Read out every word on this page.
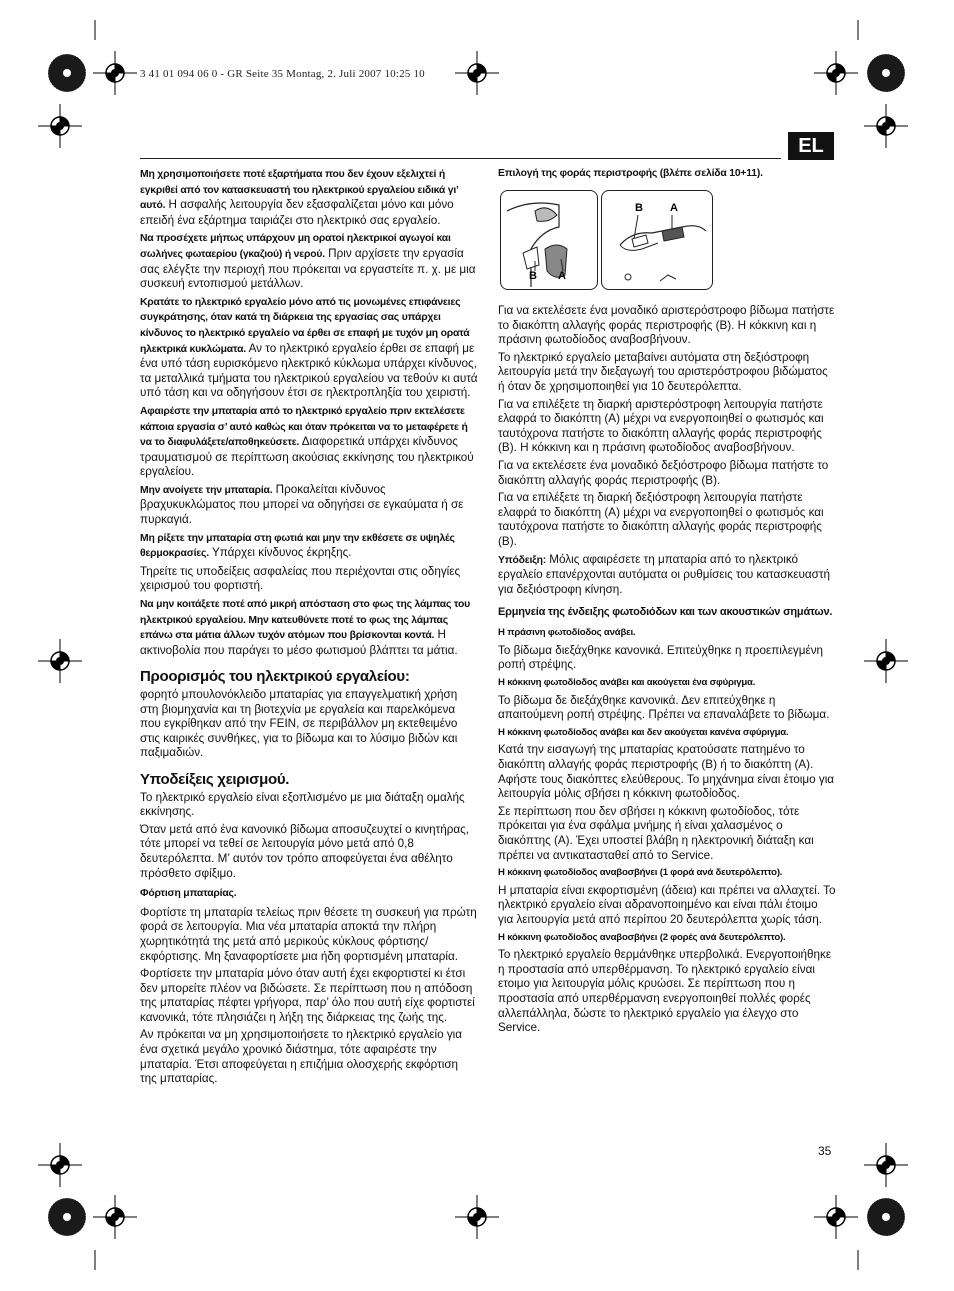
3 41 01 094 06 0 - GR Seite 35 Montag, 2. Juli 2007 10:25 10
EL

Μη χρησιμοποιήσετε ποτέ εξαρτήματα που δεν έχουν εξελιχτεί ή εγκριθεί από τον κατασκευαστή του ηλεκτρικού εργαλείου ειδικά γι’ αυτό. Η ασφαλής λειτουργία δεν εξασφαλίζεται μόνο και μόνο επειδή ένα εξάρτημα ταιριάζει στο ηλεκτρικό σας εργαλείο.

Να προσέχετε μήπως υπάρχουν μη ορατοί ηλεκτρικοί αγωγοί και σωλήνες φωταερίου (γκαζιού) ή νερού. Πριν αρχίσετε την εργασία σας ελέγξτε την περιοχή που πρόκειται να εργαστείτε π. χ. με μια συσκευή εντοπισμού μετάλλων.

Κρατάτε το ηλεκτρικό εργαλείο μόνο από τις μονωμένες επιφάνειες συγκράτησης, όταν κατά τη διάρκεια της εργασίας σας υπάρχει κίνδυνος το ηλεκτρικό εργαλείο να έρθει σε επαφή με τυχόν μη ορατά ηλεκτρικά κυκλώματα. Αν το ηλεκτρικό εργαλείο έρθει σε επαφή με ένα υπό τάση ευρισκόμενο ηλεκτρικό κύκλωμα υπάρχει κίνδυνος, τα μεταλλικά τμήματα του ηλεκτρικού εργαλείου να τεθούν κι αυτά υπό τάση και να οδηγήσουν έτσι σε ηλεκτροπληξία του χειριστή.

Αφαιρέστε την μπαταρία από το ηλεκτρικό εργαλείο πριν εκτελέσετε κάποια εργασία σ’ αυτό καθώς και όταν πρόκειται να το μεταφέρετε ή να το διαφυλάξετε/αποθηκεύσετε. Διαφορετικά υπάρχει κίνδυνος τραυματισμού σε περίπτωση ακούσιας εκκίνησης του ηλεκτρικού εργαλείου.

Μην ανοίγετε την μπαταρία. Προκαλείται κίνδυνος βραχυκυκλώματος που μπορεί να οδηγήσει σε εγκαύματα ή σε πυρκαγιά.

Μη ρίξετε την μπαταρία στη φωτιά και μην την εκθέσετε σε υψηλές θερμοκρασίες. Υπάρχει κίνδυνος έκρηξης.

Τηρείτε τις υποδείξεις ασφαλείας που περιέχονται στις οδηγίες χειρισμού του φορτιστή.

Να μην κοιτάξετε ποτέ από μικρή απόσταση στο φως της λάμπας του ηλεκτρικού εργαλείου. Μην κατευθύνετε ποτέ το φως της λάμπας επάνω στα μάτια άλλων τυχόν ατόμων που βρίσκονται κοντά. Η ακτινοβολία που παράγει το μέσο φωτισμού βλάπτει τα μάτια.

Προορισμός του ηλεκτρικού εργαλείου:

φορητό μπουλονόκλειδο μπαταρίας για επαγγελματική χρήση στη βιομηχανία και τη βιοτεχνία με εργαλεία και παρελκόμενα που εγκρίθηκαν από την FEIN, σε περιβάλλον μη εκτεθειμένο στις καιρικές συνθήκες, για το βίδωμα και το λύσιμο βιδών και παξιμαδιών.

Υποδείξεις χειρισμού.

Το ηλεκτρικό εργαλείο είναι εξοπλισμένο με μια διάταξη ομαλής εκκίνησης.

Όταν μετά από ένα κανονικό βίδωμα αποσυζευχτεί ο κινητήρας, τότε μπορεί να τεθεί σε λειτουργία μόνο μετά από 0,8 δευτερόλεπτα. Μ’ αυτόν τον τρόπο αποφεύγεται ένα αθέλητο πρόσθετο σφίξιμο.

Φόρτιση μπαταρίας.

Φορτίστε τη μπαταρία τελείως πριν θέσετε τη συσκευή για πρώτη φορά σε λειτουργία. Μια νέα μπαταρία αποκτά την πλήρη χωρητικότητά της μετά από μερικούς κύκλους φόρτισης/εκφόρτισης. Μη ξαναφορτίσετε μια ήδη φορτισμένη μπαταρία.

Φορτίσετε την μπαταρία μόνο όταν αυτή έχει εκφορτιστεί κι έτσι δεν μπορείτε πλέον να βιδώσετε. Σε περίπτωση που η απόδοση της μπαταρίας πέφτει γρήγορα, παρ’ όλο που αυτή είχε φορτιστεί κανονικά, τότε πλησιάζει η λήξη της διάρκειας της ζωής της.

Αν πρόκειται να μη χρησιμοποιήσετε το ηλεκτρικό εργαλείο για ένα σχετικά μεγάλο χρονικό διάστημα, τότε αφαιρέστε την μπαταρία. Έτσι αποφεύγεται η επιζήμια ολοσχερής εκφόρτιση της μπαταρίας.

Επιλογή της φοράς περιστροφής (βλέπε σελίδα 10+11).

B A
B A

Για να εκτελέσετε ένα μοναδικό αριστερόστροφο βίδωμα πατήστε το διακόπτη αλλαγής φοράς περιστροφής (B). Η κόκκινη και η πράσινη φωτοδίοδος αναβοσβήνουν.

Το ηλεκτρικό εργαλείο μεταβαίνει αυτόματα στη δεξιόστροφη λειτουργία μετά την διεξαγωγή του αριστερόστροφου βιδώματος ή όταν δε χρησιμοποιηθεί για 10 δευτερόλεπτα.

Για να επιλέξετε τη διαρκή αριστερόστροφη λειτουργία πατήστε ελαφρά το διακόπτη (A) μέχρι να ενεργοποιηθεί ο φωτισμός και ταυτόχρονα πατήστε το διακόπτη αλλαγής φοράς περιστροφής (B). Η κόκκινη και η πράσινη φωτοδίοδος αναβοσβήνουν.

Για να εκτελέσετε ένα μοναδικό δεξιόστροφο βίδωμα πατήστε το διακόπτη αλλαγής φοράς περιστροφής (B).

Για να επιλέξετε τη διαρκή δεξιόστροφη λειτουργία πατήστε ελαφρά το διακόπτη (A) μέχρι να ενεργοποιηθεί ο φωτισμός και ταυτόχρονα πατήστε το διακόπτη αλλαγής φοράς περιστροφής (B).

Υπόδειξη: Μόλις αφαιρέσετε τη μπαταρία από το ηλεκτρικό εργαλείο επανέρχονται αυτόματα οι ρυθμίσεις του κατασκευαστή για δεξιόστροφη κίνηση.

Ερμηνεία της ένδειξης φωτοδιόδων και των ακουστικών σημάτων.

Η πράσινη φωτοδίοδος ανάβει.

Το βίδωμα διεξάχθηκε κανονικά. Επιτεύχθηκε η προεπιλεγμένη ροπή στρέψης.

Η κόκκινη φωτοδίοδος ανάβει και ακούγεται ένα σφύριγμα.

Το βίδωμα δε διεξάχθηκε κανονικά. Δεν επιτεύχθηκε η απαιτούμενη ροπή στρέψης. Πρέπει να επαναλάβετε το βίδωμα.

Η κόκκινη φωτοδίοδος ανάβει και δεν ακούγεται κανένα σφύριγμα.

Κατά την εισαγωγή της μπαταρίας κρατούσατε πατημένο το διακόπτη αλλαγής φοράς περιστροφής (B) ή το διακόπτη (A). Αφήστε τους διακόπτες ελεύθερους. Το μηχάνημα είναι έτοιμο για λειτουργία μόλις σβήσει η κόκκινη φωτοδίοδος.

Σε περίπτωση που δεν σβήσει η κόκκινη φωτοδίοδος, τότε πρόκειται για ένα σφάλμα μνήμης ή είναι χαλασμένος ο διακόπτης (A). Έχει υποστεί βλάβη η ηλεκτρονική διάταξη και πρέπει να αντικατασταθεί από το Service.

Η κόκκινη φωτοδίοδος αναβοσβήνει (1 φορά ανά δευτερόλεπτο).

Η μπαταρία είναι εκφορτισμένη (άδεια) και πρέπει να αλλαχτεί. Το ηλεκτρικό εργαλείο είναι αδρανοποιημένο και είναι πάλι έτοιμο για λειτουργία μετά από περίπου 20 δευτερόλεπτα χωρίς τάση.

Η κόκκινη φωτοδίοδος αναβοσβήνει (2 φορές ανά δευτερόλεπτο).

Το ηλεκτρικό εργαλείο θερμάνθηκε υπερβολικά. Ενεργοποιήθηκε η προστασία από υπερθέρμανση. Το ηλεκτρικό εργαλείο είναι ετοιμο για λειτουργία μόλις κρυώσει. Σε περίπτωση που η προστασία από υπερθέρμανση ενεργοποιηθεί πολλές φορές αλλεπάλληλα, δώστε το ηλεκτρικό εργαλείο για έλεγχο στο Service.

35
